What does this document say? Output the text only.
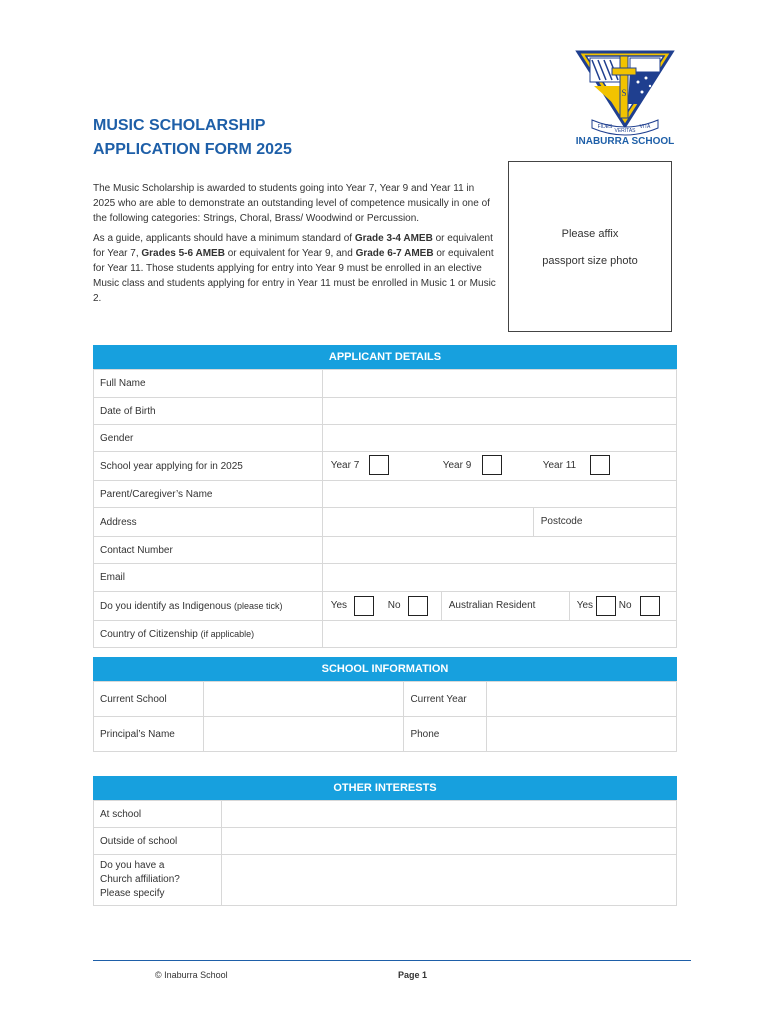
MUSIC SCHOLARSHIP
APPLICATION FORM 2025
S
FIDES
VERITAS
VITA
INABURRA SCHOOL

The Music Scholarship is awarded to students going into Year 7, Year 9 and Year 11 in 2025 who are able to demonstrate an outstanding level of competence musically in one of the following categories: Strings, Choral, Brass/ Woodwind or Percussion.

As a guide, applicants should have a minimum standard of Grade 3-4 AMEB or equivalent for Year 7, Grades 5-6 AMEB or equivalent for Year 9, and Grade 6-7 AMEB or equivalent for Year 11. Those students applying for entry into Year 9 must be enrolled in an elective Music class and students applying for entry in Year 11 must be enrolled in Music 1 or Music 2.

Please affix
passport size photo
APPLICANT DETAILS
Full Name	
Date of Birth	
Gender	
School year applying for in 2025	Year 7 Year 9 Year 11

Parent/Caregiver’s Name	
Address	Postcode

Contact Number	
Email	
Do you identify as Indigenous (please tick)	Yes No Australian Resident Yes No

Country of Citizenship (if applicable)	
SCHOOL INFORMATION
Current School		Current Year	
Principal’s Name		Phone	
OTHER INTERESTS
At school	
Outside of school	

Do you have a
Church affiliation?
Please specify	

© Inaburra School	Page 1
